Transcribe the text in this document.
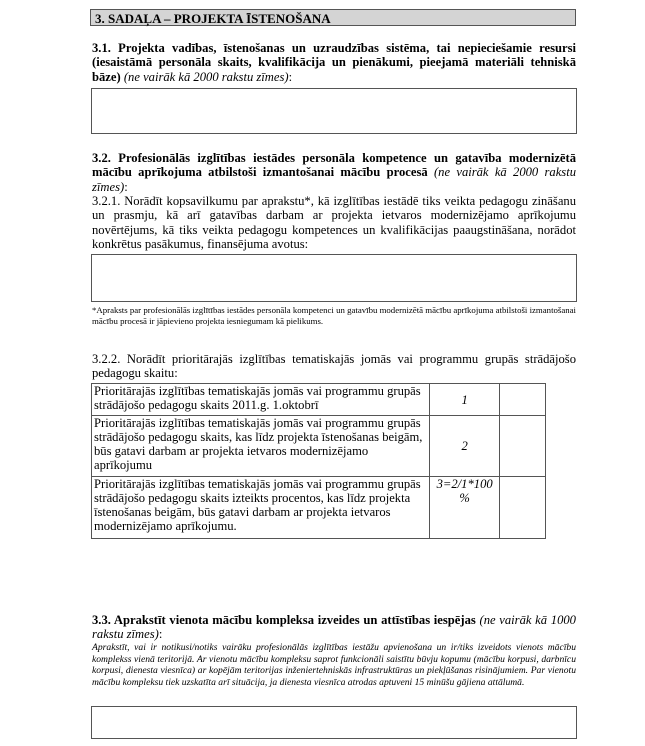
3. SADAĻA – PROJEKTA ĪSTENOŠANA
3.1. Projekta vadības, īstenošanas un uzraudzības sistēma, tai nepieciešamie resursi (iesaistāmā personāla skaits, kvalifikācija un pienākumi, pieejamā materiāli tehniskā bāze) (ne vairāk kā 2000 rakstu zīmes):
3.2. Profesionālās izglītības iestādes personāla kompetence un gatavība modernizētā mācību aprīkojuma atbilstoši izmantošanai mācību procesā (ne vairāk kā 2000 rakstu zīmes):
3.2.1. Norādīt kopsavilkumu par aprakstu*, kā izglītības iestādē tiks veikta pedagogu zināšanu un prasmju, kā arī gatavības darbam ar projekta ietvaros modernizējamo aprīkojumu novērtējums, kā tiks veikta pedagogu kompetences un kvalifikācijas paaugstināšana, norādot konkrētus pasākumus, finansējuma avotus:
*Apraksts par profesionālās izglītības iestādes personāla kompetenci un gatavību modernizētā mācību aprīkojuma atbilstoši izmantošanai mācību procesā ir jāpievieno projekta iesniegumam kā pielikums.
3.2.2. Norādīt prioritārajās izglītības tematiskajās jomās vai programmu grupās strādājošo pedagogu skaitu:
Prioritārajās izglītības tematiskajās jomās vai programmu grupās strādājošo pedagogu skaits 2011.g. 1.oktobrī	1	
Prioritārajās izglītības tematiskajās jomās vai programmu grupās strādājošo pedagogu skaits, kas līdz projekta īstenošanas beigām, būs gatavi darbam ar projekta ietvaros modernizējamo aprīkojumu	2	
Prioritārajās izglītības tematiskajās jomās vai programmu grupās strādājošo pedagogu skaits izteikts procentos, kas līdz projekta īstenošanas beigām, būs gatavi darbam ar projekta ietvaros modernizējamo aprīkojumu.	3=2/1*100 %	
3.3. Aprakstīt vienota mācību kompleksa izveides un attīstības iespējas (ne vairāk kā 1000 rakstu zīmes):
Aprakstīt, vai ir notikusi/notiks vairāku profesionālās izglītības iestāžu apvienošana un ir/tiks izveidots vienots mācību komplekss vienā teritorijā. Ar vienotu mācību kompleksu saprot funkcionāli saistītu būvju kopumu (mācību korpusi, darbnīcu korpusi, dienesta viesnīca) ar kopējām teritorijas inženiertehniskās infrastruktūras un piekļūšanas risinājumiem. Par vienotu mācību kompleksu tiek uzskatīta arī situācija, ja dienesta viesnīca atrodas aptuveni 15 minūšu gājiena attālumā.
